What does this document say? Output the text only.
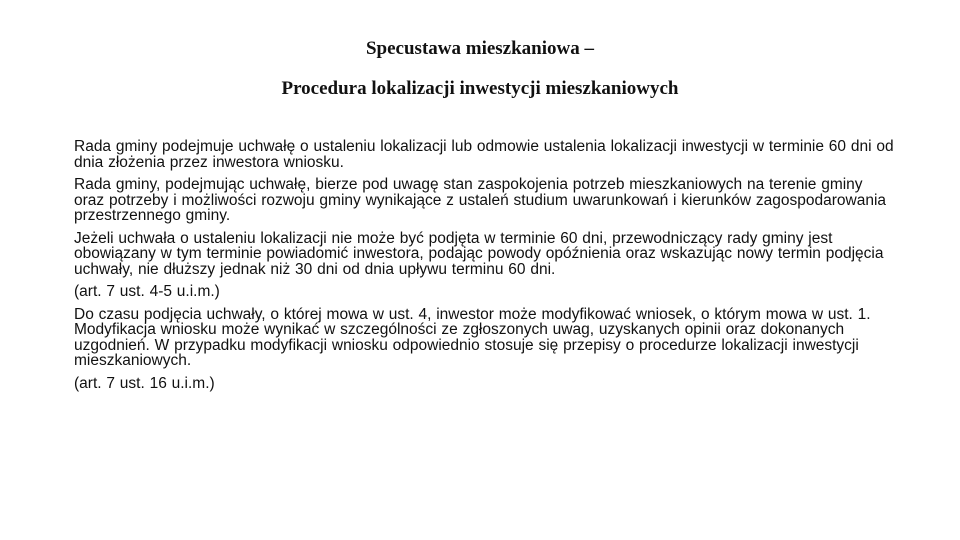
Specustawa mieszkaniowa –
Procedura lokalizacji inwestycji mieszkaniowych

Rada gminy podejmuje uchwałę o ustaleniu lokalizacji lub odmowie ustalenia lokalizacji inwestycji w terminie 60 dni od dnia złożenia przez inwestora wniosku.

Rada gminy, podejmując uchwałę, bierze pod uwagę stan zaspokojenia potrzeb mieszkaniowych na terenie gminy oraz potrzeby i możliwości rozwoju gminy wynikające z ustaleń studium uwarunkowań i kierunków zagospodarowania przestrzennego gminy.

Jeżeli uchwała o ustaleniu lokalizacji nie może być podjęta w terminie 60 dni, przewodniczący rady gminy jest obowiązany w tym terminie powiadomić inwestora, podając powody opóźnienia oraz wskazując nowy termin podjęcia uchwały, nie dłuższy jednak niż 30 dni od dnia upływu terminu 60 dni.

(art. 7 ust. 4-5 u.i.m.)

Do czasu podjęcia uchwały, o której mowa w ust. 4, inwestor może modyfikować wniosek, o którym mowa w ust. 1. Modyfikacja wniosku może wynikać w szczególności ze zgłoszonych uwag, uzyskanych opinii oraz dokonanych uzgodnień. W przypadku modyfikacji wniosku odpowiednio stosuje się przepisy o procedurze lokalizacji inwestycji mieszkaniowych.

(art. 7 ust. 16 u.i.m.)
